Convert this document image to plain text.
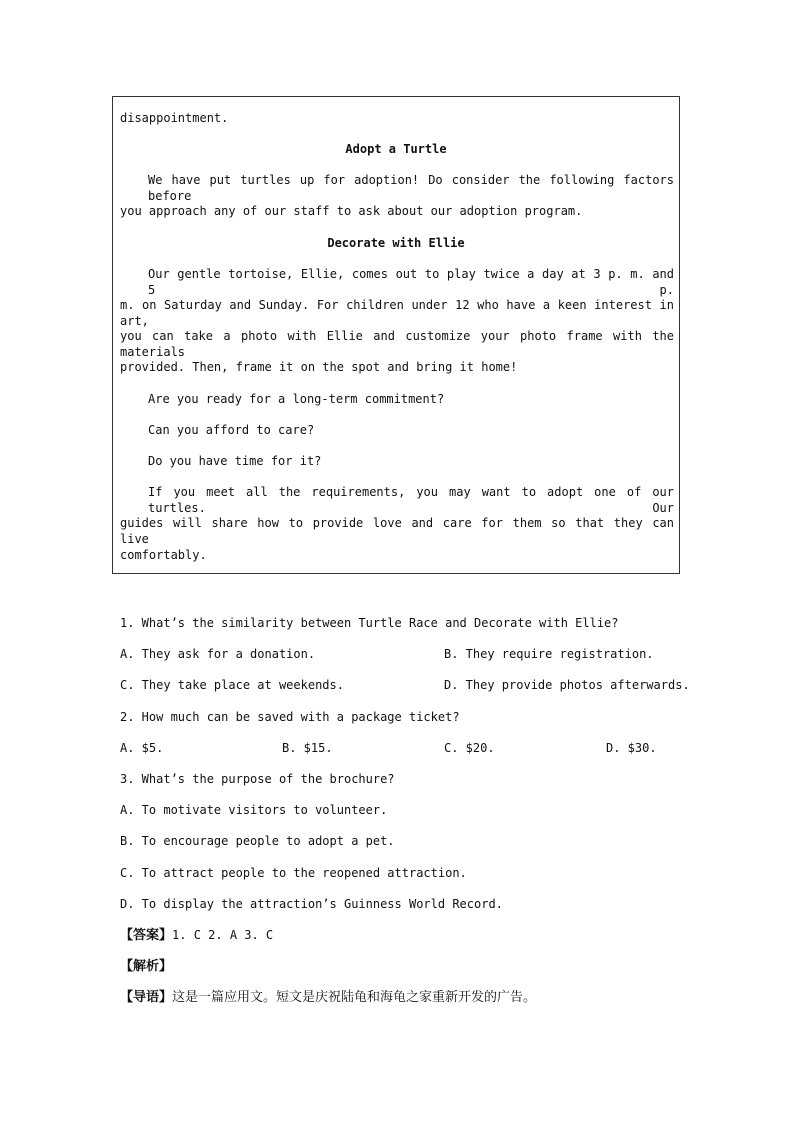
disappointment.
Adopt a Turtle
We have put turtles up for adoption! Do consider the following factors before
you approach any of our staff to ask about our adoption program.
Decorate with Ellie
Our gentle tortoise, Ellie, comes out to play twice a day at 3 p. m. and 5 p.
m. on Saturday and Sunday. For children under 12 who have a keen interest in art,
you can take a photo with Ellie and customize your photo frame with the materials
provided. Then, frame it on the spot and bring it home!
Are you ready for a long-term commitment?
Can you afford to care?
Do you have time for it?
If you meet all the requirements, you may want to adopt one of our turtles. Our
guides will share how to provide love and care for them so that they can live
comfortably.
1. What’s the similarity between Turtle Race and Decorate with Ellie?
A. They ask for a donation.	B. They require registration.
C. They take place at weekends.	D. They provide photos afterwards.
2. How much can be saved with a package ticket?
A. $5.	B. $15.	C. $20.	D. $30.
3. What’s the purpose of the brochure?
A. To motivate visitors to volunteer.
B. To encourage people to adopt a pet.
C. To attract people to the reopened attraction.
D. To display the attraction’s Guinness World Record.
【答案】1. C 2. A 3. C
【解析】
【导语】这是一篇应用文。短文是庆祝陆龟和海龟之家重新开发的广告。
